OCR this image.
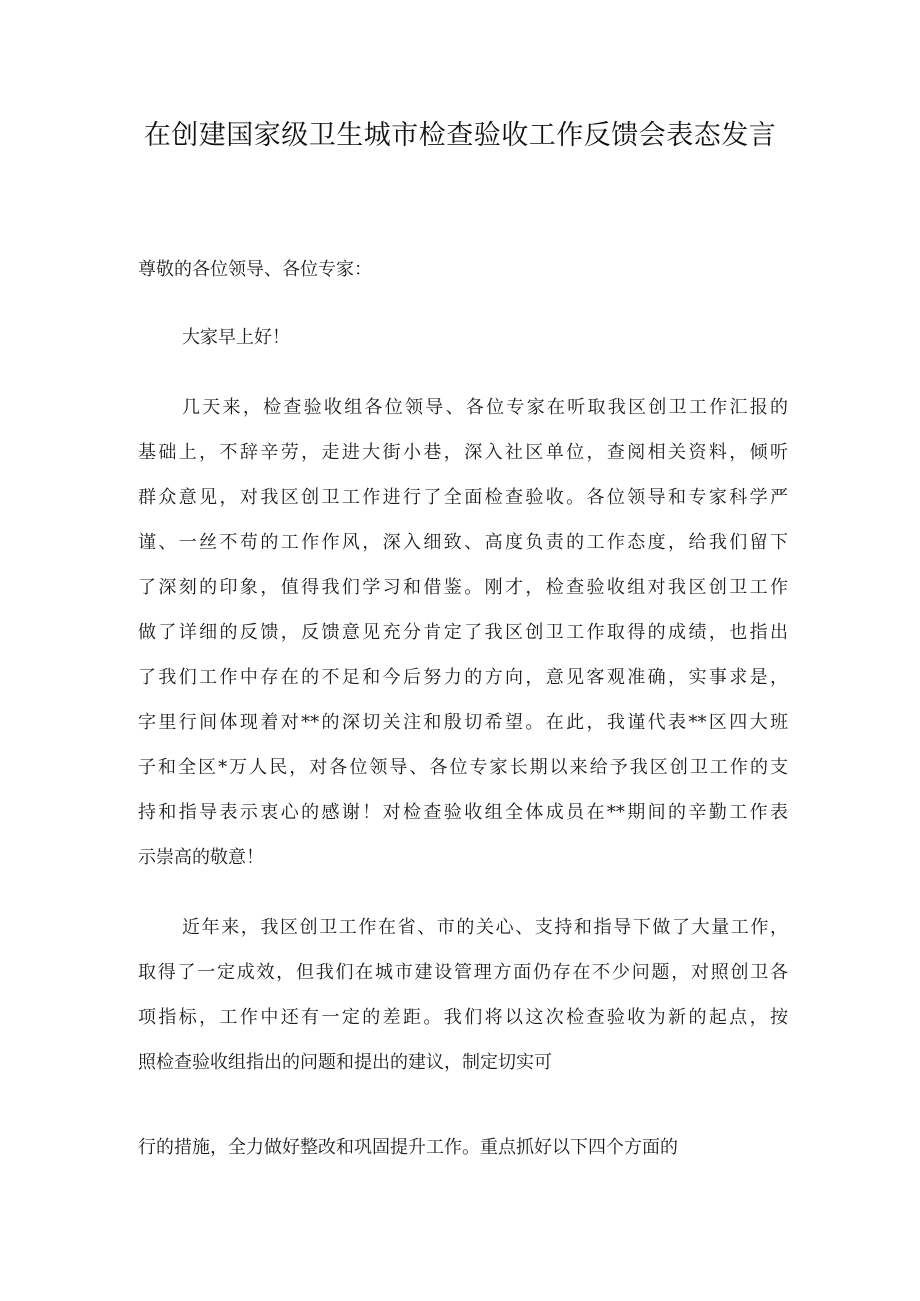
在创建国家级卫生城市检查验收工作反馈会表态发言
尊敬的各位领导、各位专家：
大家早上好！
几天来，检查验收组各位领导、各位专家在听取我区创卫工作汇报的
基础上，不辞辛劳，走进大街小巷，深入社区单位，查阅相关资料，倾听
群众意见，对我区创卫工作进行了全面检查验收。各位领导和专家科学严
谨、一丝不苟的工作作风，深入细致、高度负责的工作态度，给我们留下
了深刻的印象，值得我们学习和借鉴。刚才，检查验收组对我区创卫工作
做了详细的反馈，反馈意见充分肯定了我区创卫工作取得的成绩，也指出
了我们工作中存在的不足和今后努力的方向，意见客观准确，实事求是，
字里行间体现着对**的深切关注和殷切希望。在此，我谨代表**区四大班
子和全区*万人民，对各位领导、各位专家长期以来给予我区创卫工作的支
持和指导表示衷心的感谢！对检查验收组全体成员在**期间的辛勤工作表
示崇高的敬意！
近年来，我区创卫工作在省、市的关心、支持和指导下做了大量工作，
取得了一定成效，但我们在城市建设管理方面仍存在不少问题，对照创卫各
项指标，工作中还有一定的差距。我们将以这次检查验收为新的起点，按
照检查验收组指出的问题和提出的建议，制定切实可
行的措施，全力做好整改和巩固提升工作。重点抓好以下四个方面的
